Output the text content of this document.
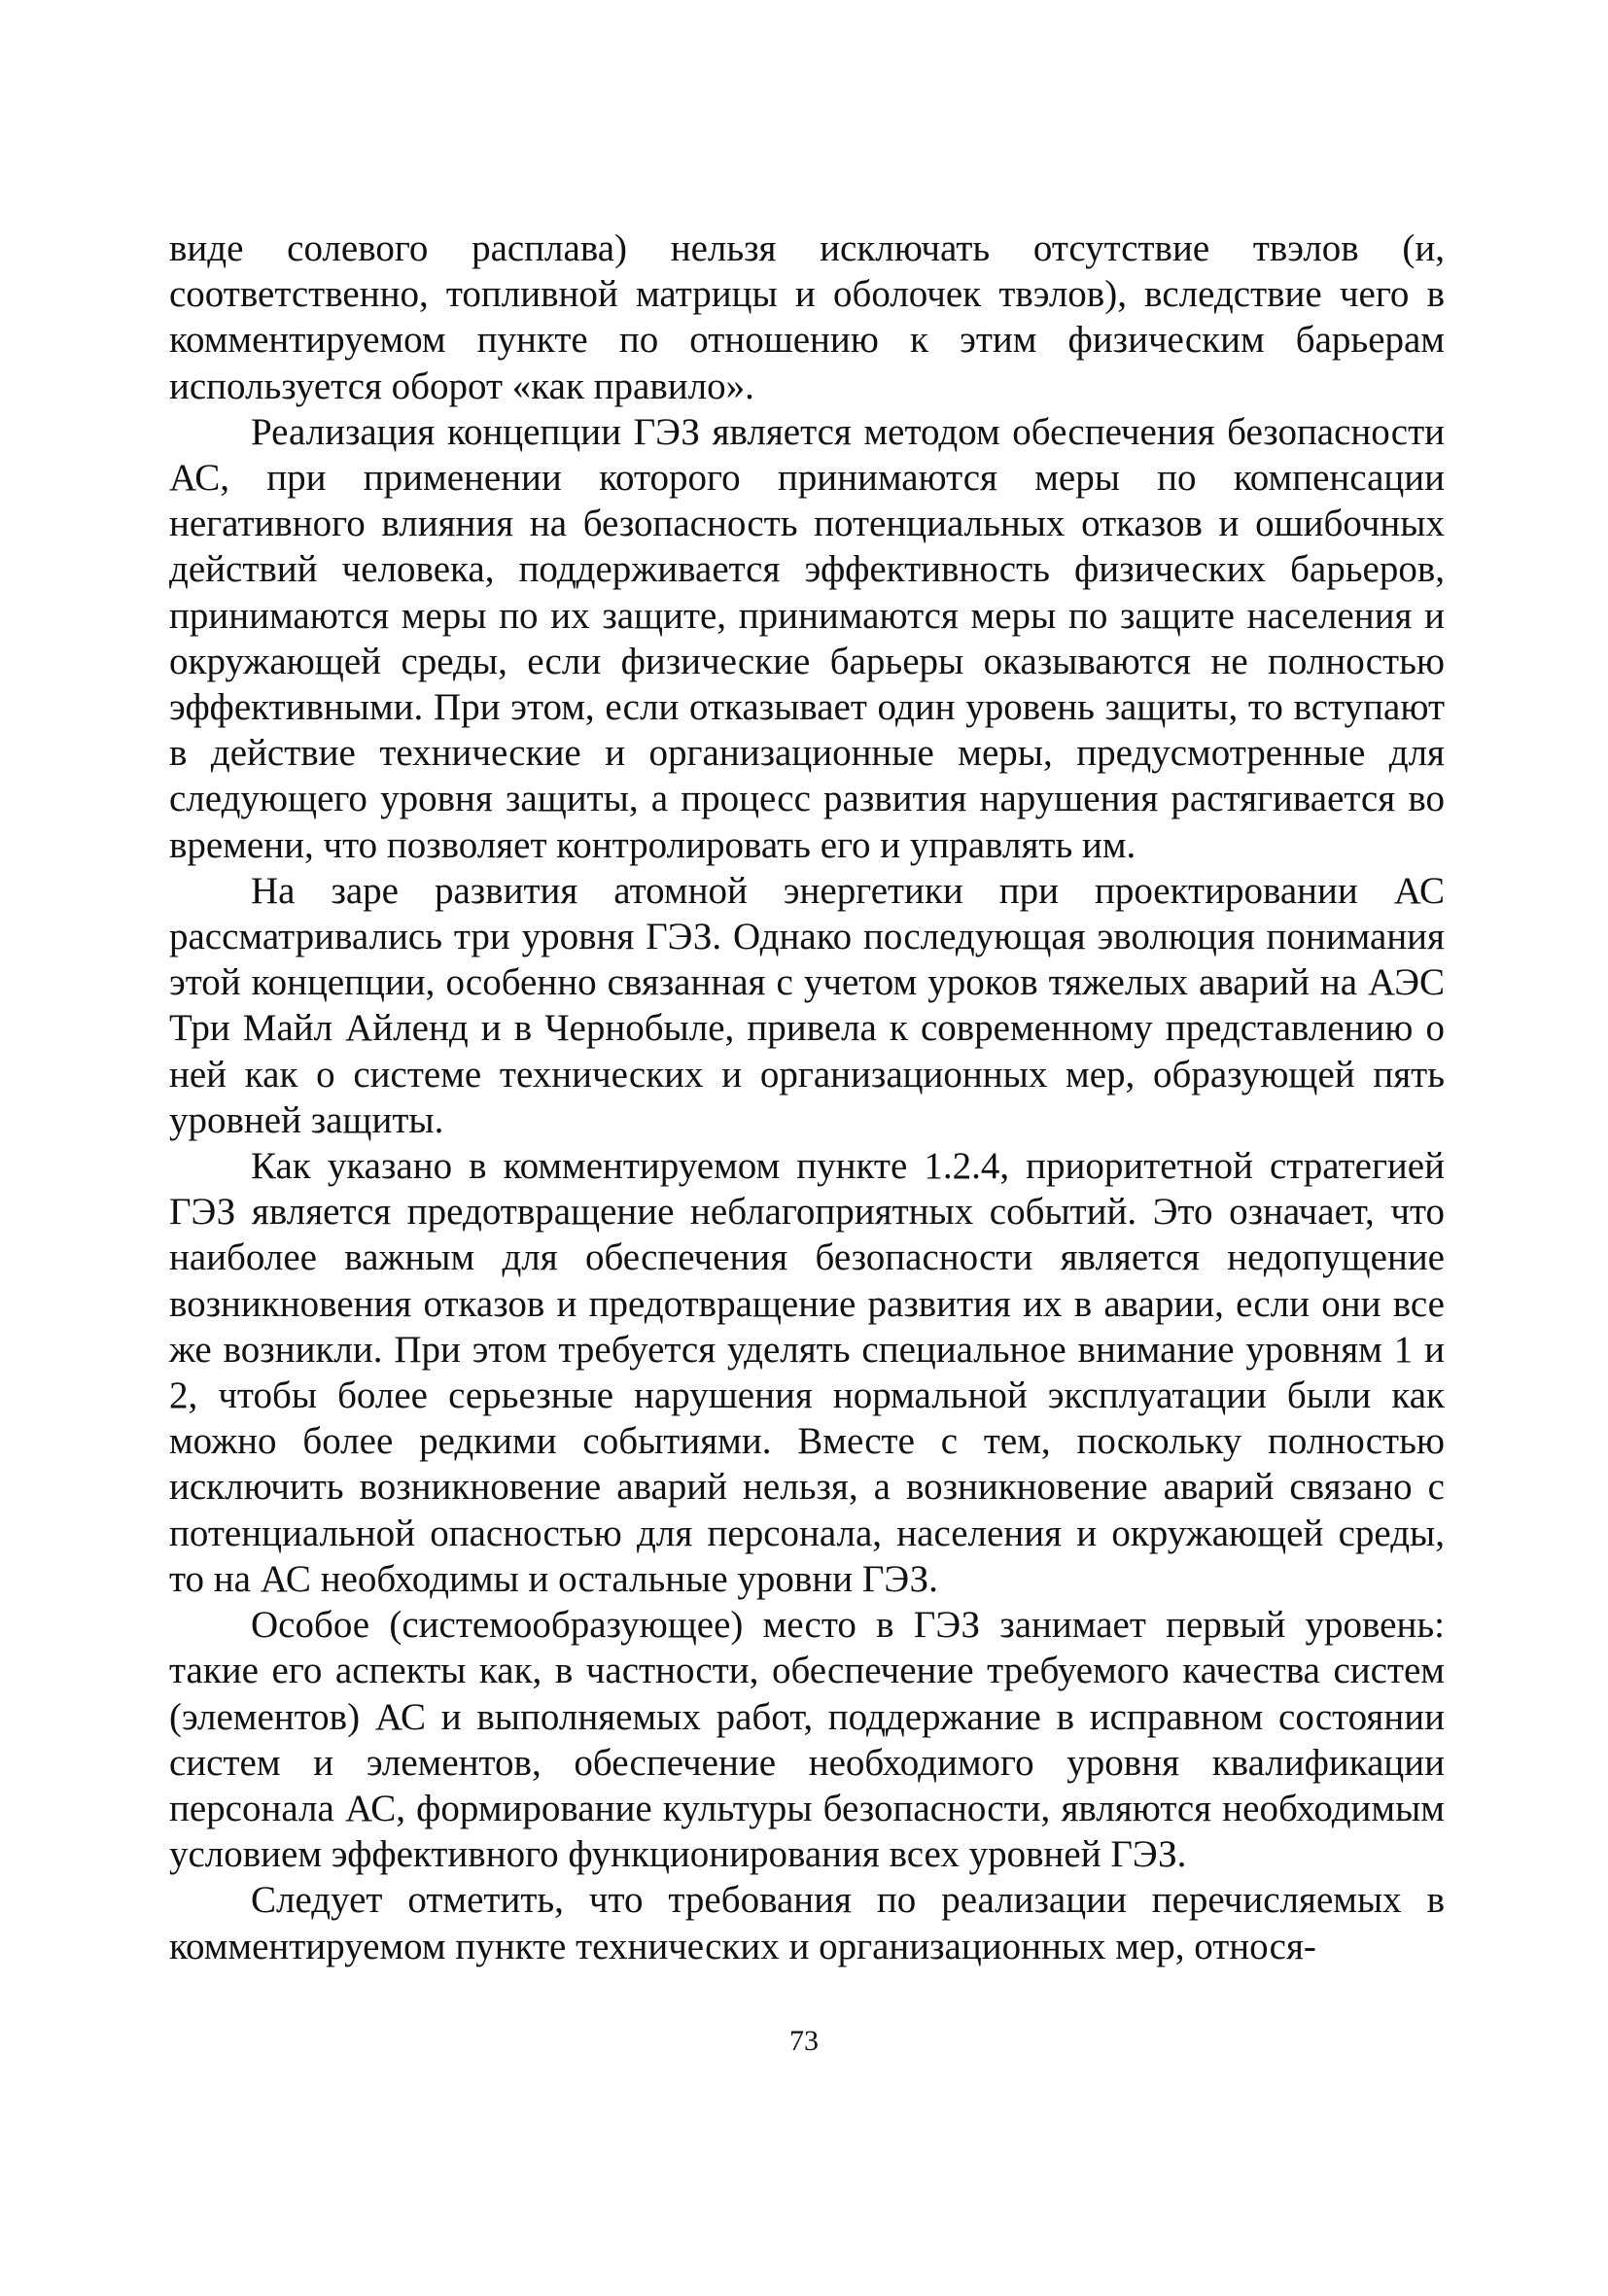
виде солевого расплава) нельзя исключать отсутствие твэлов (и, соответственно, топливной матрицы и оболочек твэлов), вследствие чего в комментируемом пункте по отношению к этим физическим барьерам используется оборот «как правило».

Реализация концепции ГЭЗ является методом обеспечения безопасности АС, при применении которого принимаются меры по компенсации негативного влияния на безопасность потенциальных отказов и ошибочных действий человека, поддерживается эффективность физических барьеров, принимаются меры по их защите, принимаются меры по защите населения и окружающей среды, если физические барьеры оказываются не полностью эффективными. При этом, если отказывает один уровень защиты, то вступают в действие технические и организационные меры, предусмотренные для следующего уровня защиты, а процесс развития нарушения растягивается во времени, что позволяет контролировать его и управлять им.

На заре развития атомной энергетики при проектировании АС рассматривались три уровня ГЭЗ. Однако последующая эволюция понимания этой концепции, особенно связанная с учетом уроков тяжелых аварий на АЭС Три Майл Айленд и в Чернобыле, привела к современному представлению о ней как о системе технических и организационных мер, образующей пять уровней защиты.

Как указано в комментируемом пункте 1.2.4, приоритетной стратегией ГЭЗ является предотвращение неблагоприятных событий. Это означает, что наиболее важным для обеспечения безопасности является недопущение возникновения отказов и предотвращение развития их в аварии, если они все же возникли. При этом требуется уделять специальное внимание уровням 1 и 2, чтобы более серьезные нарушения нормальной эксплуатации были как можно более редкими событиями. Вместе с тем, поскольку полностью исключить возникновение аварий нельзя, а возникновение аварий связано с потенциальной опасностью для персонала, населения и окружающей среды, то на АС необходимы и остальные уровни ГЭЗ.

Особое (системообразующее) место в ГЭЗ занимает первый уровень: такие его аспекты как, в частности, обеспечение требуемого качества систем (элементов) АС и выполняемых работ, поддержание в исправном состоянии систем и элементов, обеспечение необходимого уровня квалификации персонала АС, формирование культуры безопасности, являются необходимым условием эффективного функционирования всех уровней ГЭЗ.

Следует отметить, что требования по реализации перечисляемых в комментируемом пункте технических и организационных мер, относя-

73
